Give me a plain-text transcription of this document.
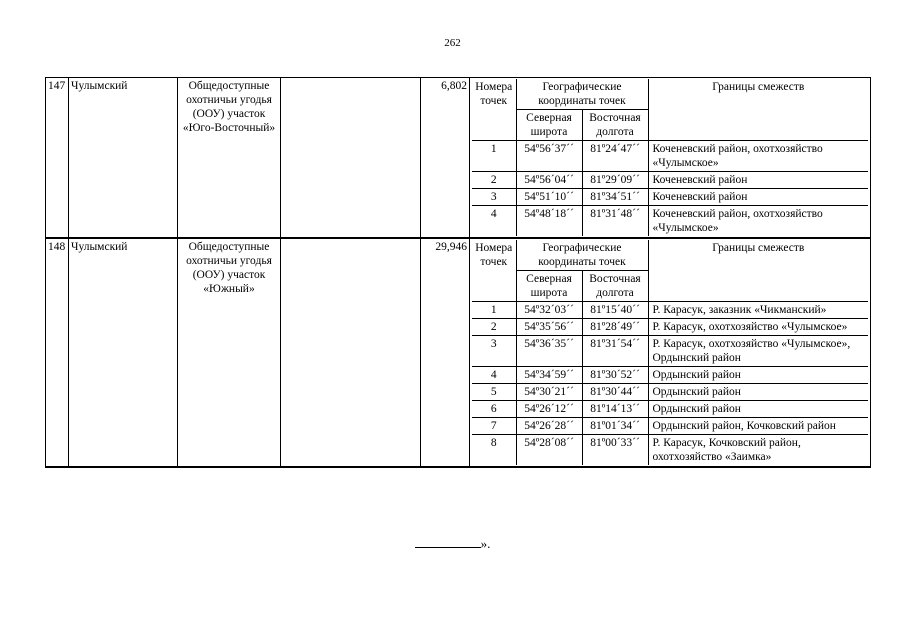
262
147	Чулымский	Общедоступные охотничьи угодья (ООУ) участок «Юго-Восточный»		6,802	Номера точек	Географические координаты точек	Границы смежеств
Северная широта	Восточная долгота
1	54º56´37´´	81º24´47´´	Коченевский район, охотхозяйство «Чулымское»
2	54º56´04´´	81º29´09´´	Коченевский район
3	54º51´10´´	81º34´51´´	Коченевский район
4	54º48´18´´	81º31´48´´	Коченевский район, охотхозяйство «Чулымское»

148	Чулымский	Общедоступные охотничьи угодья (ООУ) участок «Южный»		29,946	Номера точек	Географические координаты точек	Границы смежеств
Северная широта	Восточная долгота
1	54º32´03´´	81º15´40´´	Р. Карасук, заказник «Чикманский»
2	54º35´56´´	81º28´49´´	Р. Карасук, охотхозяйство «Чулымское»
3	54º36´35´´	81º31´54´´	Р. Карасук, охотхозяйство «Чулымское», Ордынский район
4	54º34´59´´	81º30´52´´	Ордынский район
5	54º30´21´´	81º30´44´´	Ордынский район
6	54º26´12´´	81º14´13´´	Ордынский район
7	54º26´28´´	81º01´34´´	Ордынский район, Кочковский район
8	54º28´08´´	81º00´33´´	Р. Карасук, Кочковский район, охотхозяйство «Заимка»
».
